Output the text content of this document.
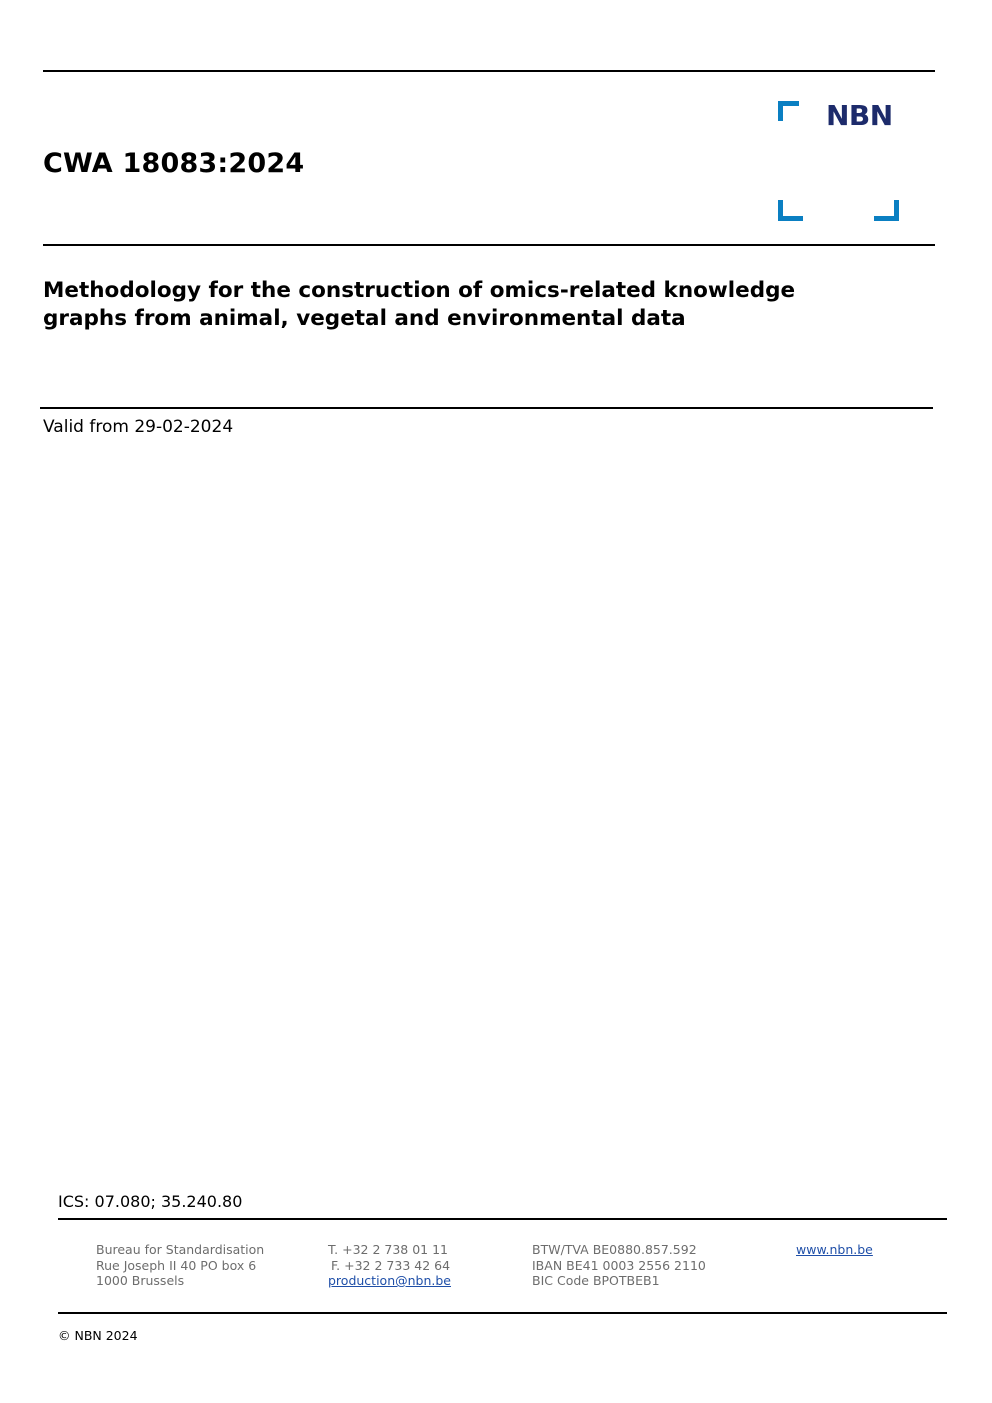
CWA 18083:2024
NBN
Methodology for the construction of omics-related knowledge
graphs from animal, vegetal and environmental data
Valid from 29-02-2024
ICS: 07.080; 35.240.80
Bureau for Standardisation
Rue Joseph II 40 PO box 6
1000 Brussels
T. +32 2 738 01 11
F. +32 2 733 42 64
production@nbn.be
BTW/TVA BE0880.857.592
IBAN BE41 0003 2556 2110
BIC Code BPOTBEB1
www.nbn.be
© NBN 2024
